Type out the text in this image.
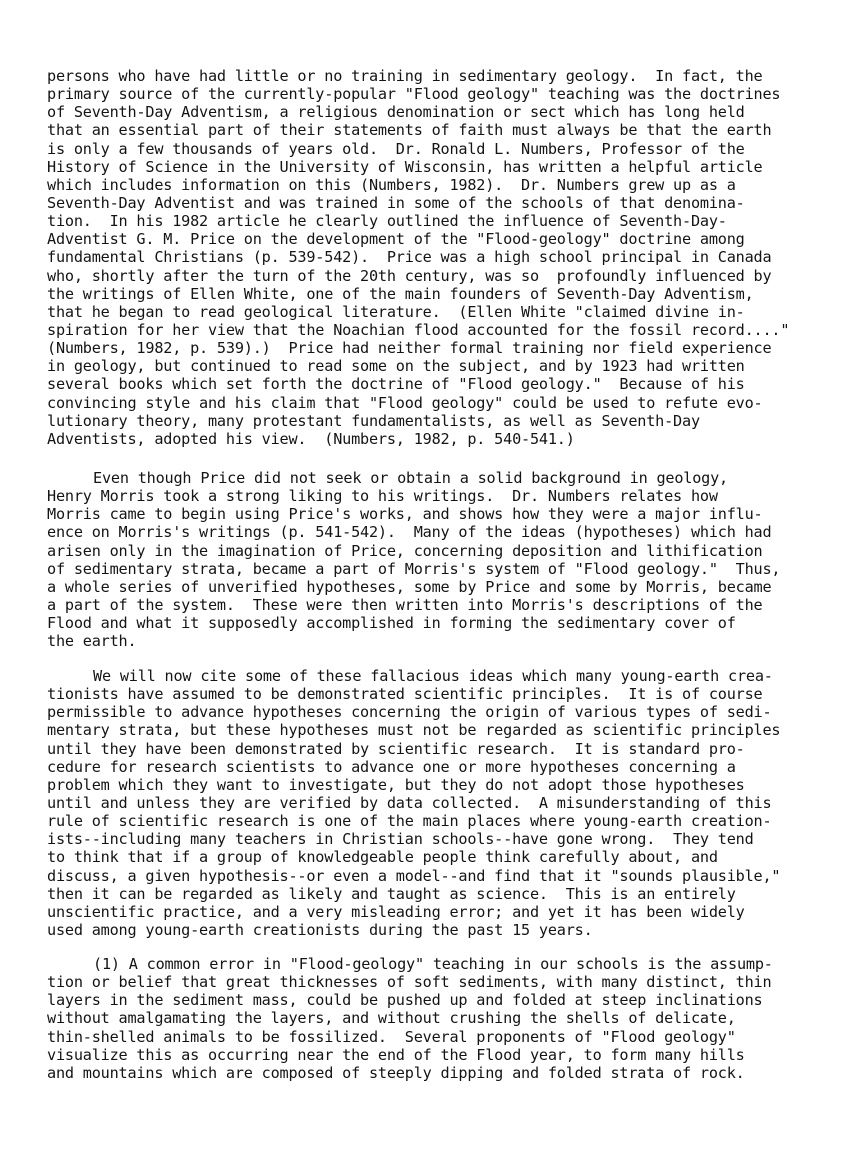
persons who have had little or no training in sedimentary geology.  In fact, the
primary source of the currently-popular "Flood geology" teaching was the doctrines
of Seventh-Day Adventism, a religious denomination or sect which has long held
that an essential part of their statements of faith must always be that the earth
is only a few thousands of years old.  Dr. Ronald L. Numbers, Professor of the
History of Science in the University of Wisconsin, has written a helpful article
which includes information on this (Numbers, 1982).  Dr. Numbers grew up as a
Seventh-Day Adventist and was trained in some of the schools of that denomina-
tion.  In his 1982 article he clearly outlined the influence of Seventh-Day-
Adventist G. M. Price on the development of the "Flood-geology" doctrine among
fundamental Christians (p. 539-542).  Price was a high school principal in Canada
who, shortly after the turn of the 20th century, was so  profoundly influenced by
the writings of Ellen White, one of the main founders of Seventh-Day Adventism,
that he began to read geological literature.  (Ellen White "claimed divine in-
spiration for her view that the Noachian flood accounted for the fossil record...."
(Numbers, 1982, p. 539).)  Price had neither formal training nor field experience
in geology, but continued to read some on the subject, and by 1923 had written
several books which set forth the doctrine of "Flood geology."  Because of his
convincing style and his claim that "Flood geology" could be used to refute evo-
lutionary theory, many protestant fundamentalists, as well as Seventh-Day
Adventists, adopted his view.  (Numbers, 1982, p. 540-541.)
Even though Price did not seek or obtain a solid background in geology,
Henry Morris took a strong liking to his writings.  Dr. Numbers relates how
Morris came to begin using Price's works, and shows how they were a major influ-
ence on Morris's writings (p. 541-542).  Many of the ideas (hypotheses) which had
arisen only in the imagination of Price, concerning deposition and lithification
of sedimentary strata, became a part of Morris's system of "Flood geology."  Thus,
a whole series of unverified hypotheses, some by Price and some by Morris, became
a part of the system.  These were then written into Morris's descriptions of the
Flood and what it supposedly accomplished in forming the sedimentary cover of
the earth.
We will now cite some of these fallacious ideas which many young-earth crea-
tionists have assumed to be demonstrated scientific principles.  It is of course
permissible to advance hypotheses concerning the origin of various types of sedi-
mentary strata, but these hypotheses must not be regarded as scientific principles
until they have been demonstrated by scientific research.  It is standard pro-
cedure for research scientists to advance one or more hypotheses concerning a
problem which they want to investigate, but they do not adopt those hypotheses
until and unless they are verified by data collected.  A misunderstanding of this
rule of scientific research is one of the main places where young-earth creation-
ists--including many teachers in Christian schools--have gone wrong.  They tend
to think that if a group of knowledgeable people think carefully about, and
discuss, a given hypothesis--or even a model--and find that it "sounds plausible,"
then it can be regarded as likely and taught as science.  This is an entirely
unscientific practice, and a very misleading error; and yet it has been widely
used among young-earth creationists during the past 15 years.
(1) A common error in "Flood-geology" teaching in our schools is the assump-
tion or belief that great thicknesses of soft sediments, with many distinct, thin
layers in the sediment mass, could be pushed up and folded at steep inclinations
without amalgamating the layers, and without crushing the shells of delicate,
thin-shelled animals to be fossilized.  Several proponents of "Flood geology"
visualize this as occurring near the end of the Flood year, to form many hills
and mountains which are composed of steeply dipping and folded strata of rock.
